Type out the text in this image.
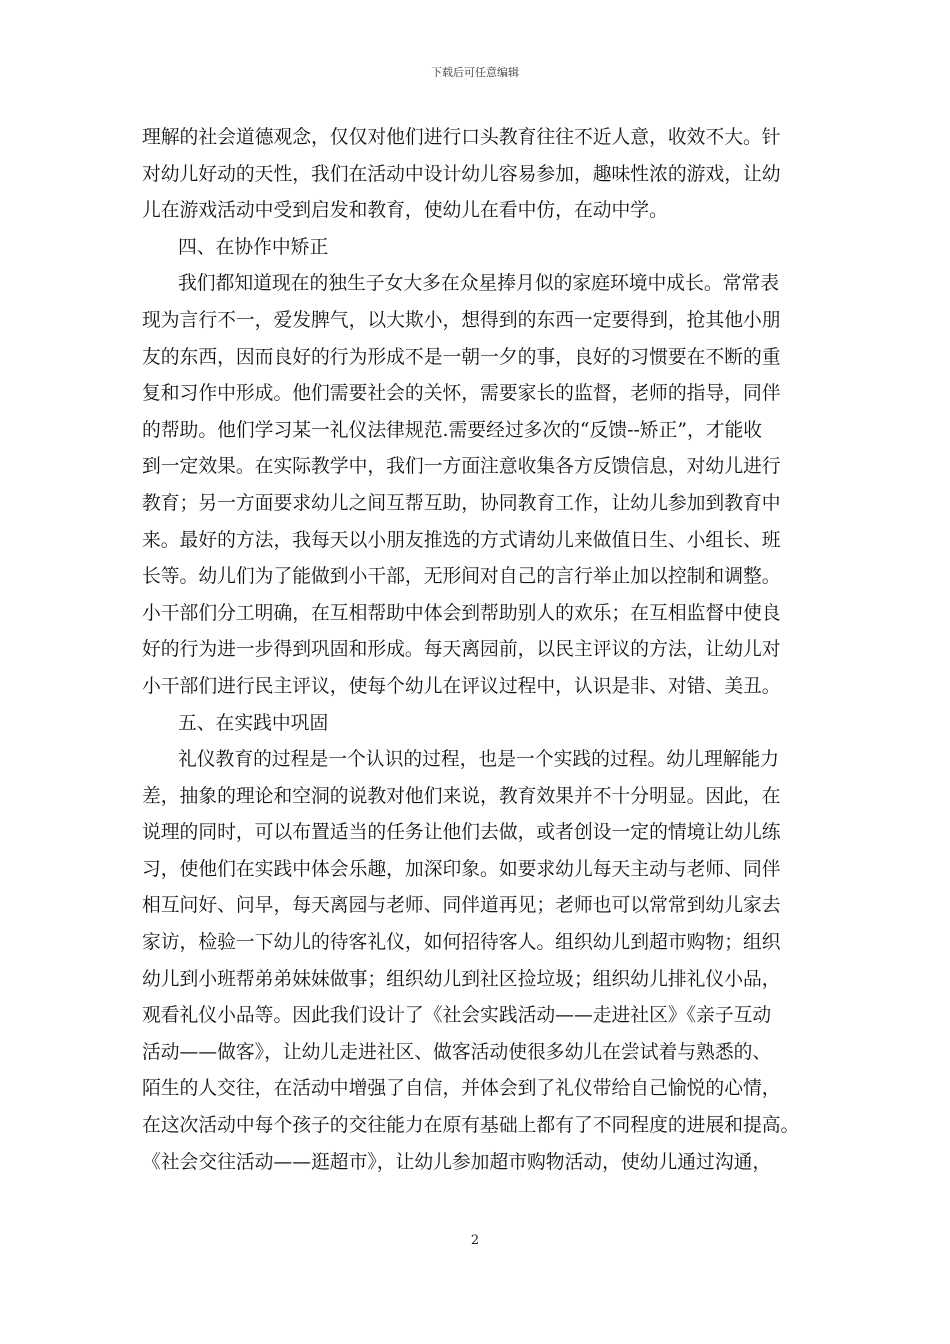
下载后可任意编辑
理解的社会道德观念，仅仅对他们进行口头教育往往不近人意，收效不大。针
对幼儿好动的天性，我们在活动中设计幼儿容易参加，趣味性浓的游戏，让幼
儿在游戏活动中受到启发和教育，使幼儿在看中仿，在动中学。
四、在协作中矫正
我们都知道现在的独生子女大多在众星捧月似的家庭环境中成长。常常表
现为言行不一，爱发脾气，以大欺小，想得到的东西一定要得到，抢其他小朋
友的东西，因而良好的行为形成不是一朝一夕的事，良好的习惯要在不断的重
复和习作中形成。他们需要社会的关怀，需要家长的监督，老师的指导，同伴
的帮助。他们学习某一礼仪法律规范.需要经过多次的“反馈--矫正”，才能收
到一定效果。在实际教学中，我们一方面注意收集各方反馈信息，对幼儿进行
教育；另一方面要求幼儿之间互帮互助，协同教育工作，让幼儿参加到教育中
来。最好的方法，我每天以小朋友推选的方式请幼儿来做值日生、小组长、班
长等。幼儿们为了能做到小干部，无形间对自己的言行举止加以控制和调整。
小干部们分工明确，在互相帮助中体会到帮助别人的欢乐；在互相监督中使良
好的行为进一步得到巩固和形成。每天离园前，以民主评议的方法，让幼儿对
小干部们进行民主评议，使每个幼儿在评议过程中，认识是非、对错、美丑。
五、在实践中巩固
礼仪教育的过程是一个认识的过程，也是一个实践的过程。幼儿理解能力
差，抽象的理论和空洞的说教对他们来说，教育效果并不十分明显。因此，在
说理的同时，可以布置适当的任务让他们去做，或者创设一定的情境让幼儿练
习，使他们在实践中体会乐趣，加深印象。如要求幼儿每天主动与老师、同伴
相互问好、问早，每天离园与老师、同伴道再见；老师也可以常常到幼儿家去
家访，检验一下幼儿的待客礼仪，如何招待客人。组织幼儿到超市购物；组织
幼儿到小班帮弟弟妹妹做事；组织幼儿到社区捡垃圾；组织幼儿排礼仪小品，
观看礼仪小品等。因此我们设计了《社会实践活动——走进社区》《亲子互动
活动——做客》，让幼儿走进社区、做客活动使很多幼儿在尝试着与熟悉的、
陌生的人交往，在活动中增强了自信，并体会到了礼仪带给自己愉悦的心情，
在这次活动中每个孩子的交往能力在原有基础上都有了不同程度的进展和提高。
《社会交往活动——逛超市》，让幼儿参加超市购物活动，使幼儿通过沟通，
2
